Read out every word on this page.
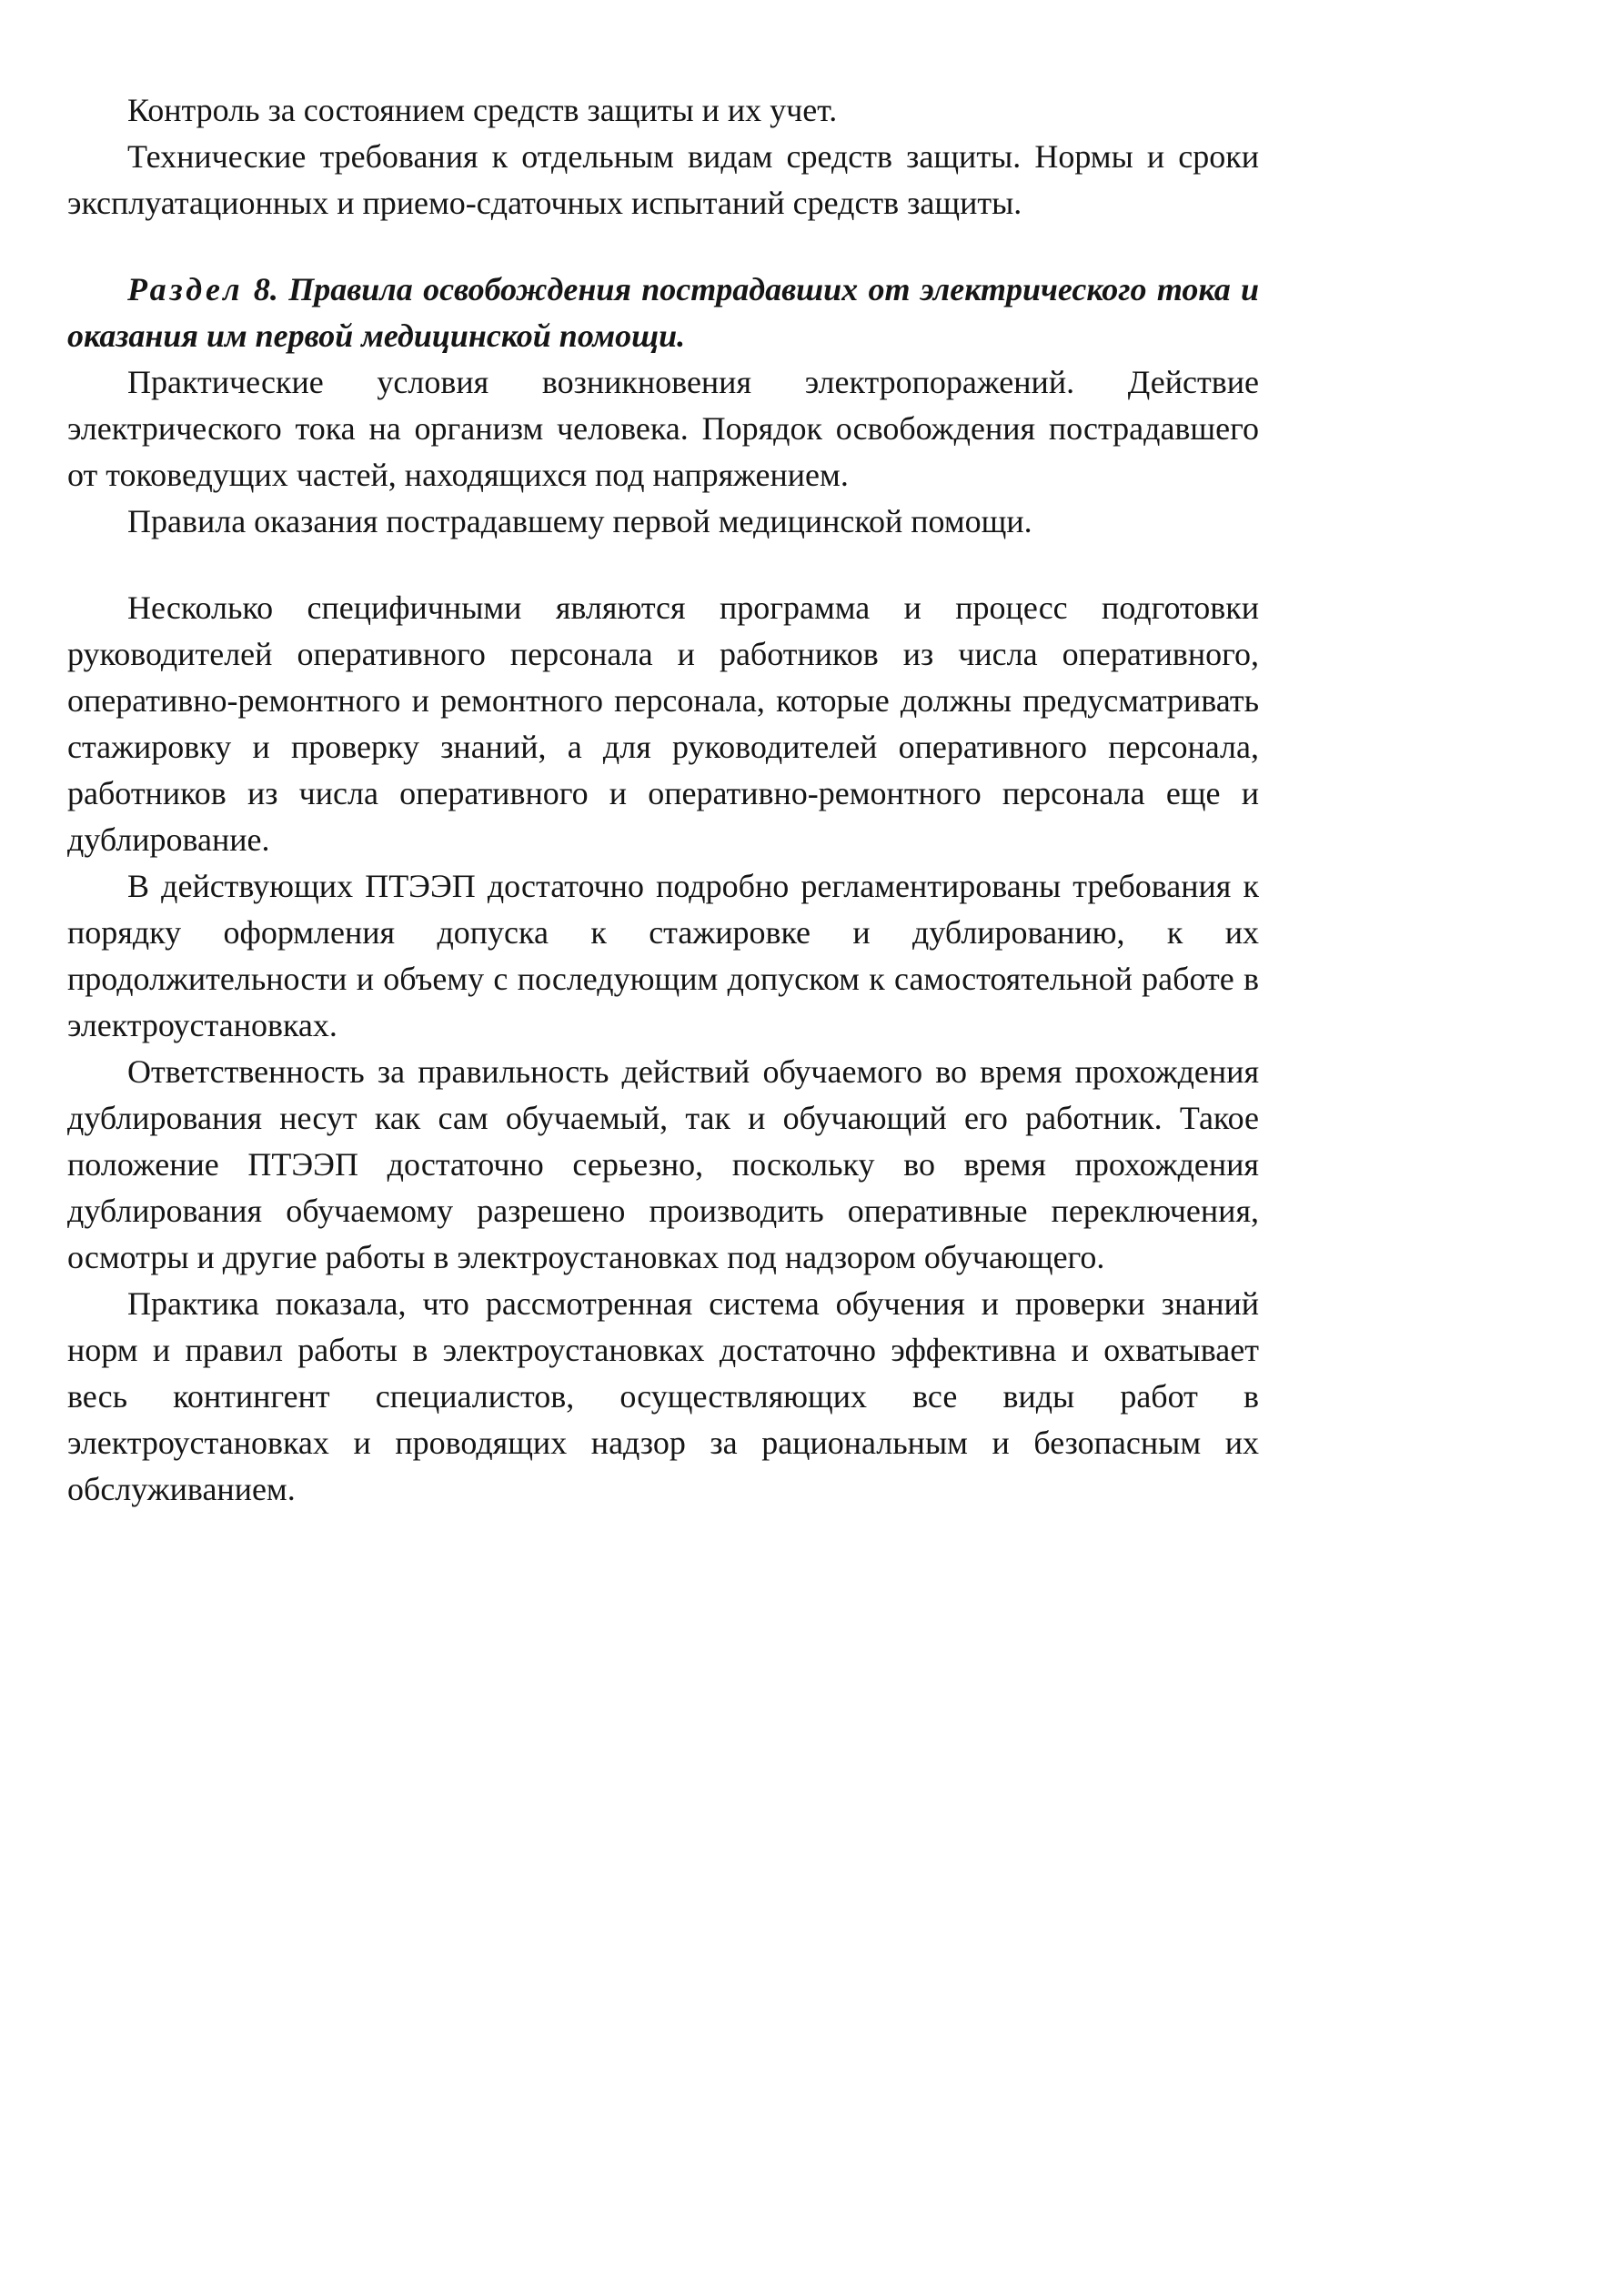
Контроль за состоянием средств защиты и их учет.

Технические требования к отдельным видам средств защиты. Нормы и сроки эксплуатационных и приемо-сдаточных испытаний средств защиты.

Раздел 8. Правила освобождения пострадавших от электрического тока и оказания им первой медицинской помощи.

Практические условия возникновения электропоражений. Действие электрического тока на организм человека. Порядок освобождения пострадавшего от токоведущих частей, находящихся под напряжением.

Правила оказания пострадавшему первой медицинской помощи.

Несколько специфичными являются программа и процесс подготовки руководителей оперативного персонала и работников из числа оперативного, оперативно-ремонтного и ремонтного персонала, которые должны предусматривать стажировку и проверку знаний, а для руководителей оперативного персонала, работников из числа оперативного и оперативно-ремонтного персонала еще и дублирование.

В действующих ПТЭЭП достаточно подробно регламентированы требования к порядку оформления допуска к стажировке и дублированию, к их продолжительности и объему с последующим допуском к самостоятельной работе в электроустановках.

Ответственность за правильность действий обучаемого во время прохождения дублирования несут как сам обучаемый, так и обучающий его работник. Такое положение ПТЭЭП достаточно серьезно, поскольку во время прохождения дублирования обучаемому разрешено производить оперативные переключения, осмотры и другие работы в электроустановках под надзором обучающего.

Практика показала, что рассмотренная система обучения и проверки знаний норм и правил работы в электроустановках достаточно эффективна и охватывает весь контингент специалистов, осуществляющих все виды работ в электроустановках и проводящих надзор за рациональным и безопасным их обслуживанием.
